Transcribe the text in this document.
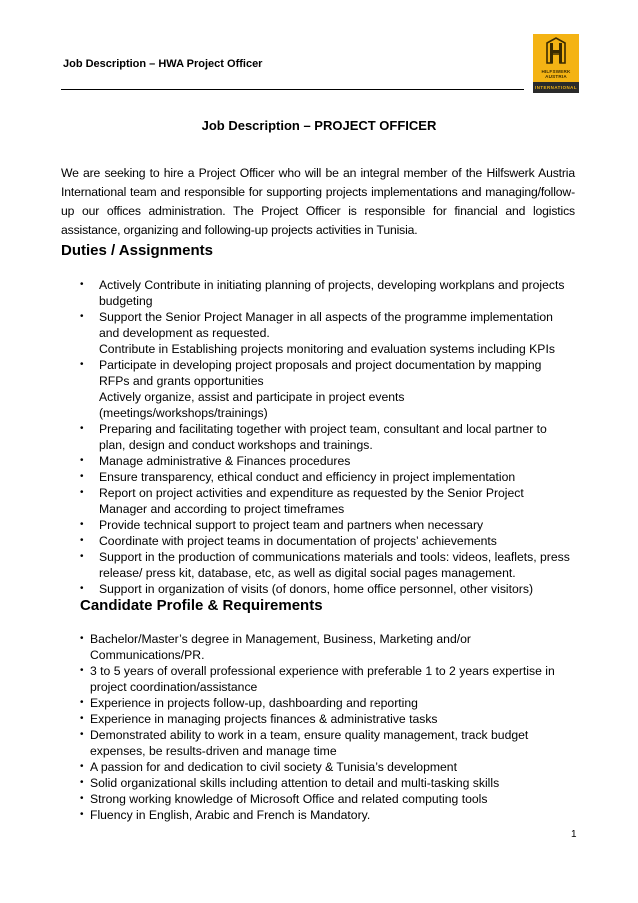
Job Description – HWA Project Officer
HILFSWERK
AUSTRIA
INTERNATIONAL
Job Description – PROJECT OFFICER
We are seeking to hire a Project Officer who will be an integral member of the Hilfswerk Austria International team and responsible for supporting projects implementations and managing/follow-up our offices administration. The Project Officer is responsible for financial and logistics assistance, organizing and following-up projects activities in Tunisia.
Duties / Assignments
• Actively Contribute in initiating planning of projects, developing workplans and projects budgeting
• Support the Senior Project Manager in all aspects of the programme implementation and development as requested.
Contribute in Establishing projects monitoring and evaluation systems including KPIs
• Participate in developing project proposals and project documentation by mapping RFPs and grants opportunities
Actively organize, assist and participate in project events (meetings/workshops/trainings)
• Preparing and facilitating together with project team, consultant and local partner to plan, design and conduct workshops and trainings.
• Manage administrative & Finances procedures
• Ensure transparency, ethical conduct and efficiency in project implementation
• Report on project activities and expenditure as requested by the Senior Project Manager and according to project timeframes
• Provide technical support to project team and partners when necessary
• Coordinate with project teams in documentation of projects’ achievements
• Support in the production of communications materials and tools: videos, leaflets, press release/ press kit, database, etc, as well as digital social pages management.
• Support in organization of visits (of donors, home office personnel, other visitors)
Candidate Profile & Requirements
• Bachelor/Master’s degree in Management, Business, Marketing and/or Communications/PR.
• 3 to 5 years of overall professional experience with preferable 1 to 2 years expertise in project coordination/assistance
• Experience in projects follow-up, dashboarding and reporting
• Experience in managing projects finances & administrative tasks
• Demonstrated ability to work in a team, ensure quality management, track budget expenses, be results-driven and manage time
• A passion for and dedication to civil society & Tunisia’s development
• Solid organizational skills including attention to detail and multi-tasking skills
• Strong working knowledge of Microsoft Office and related computing tools
• Fluency in English, Arabic and French is Mandatory.
1
